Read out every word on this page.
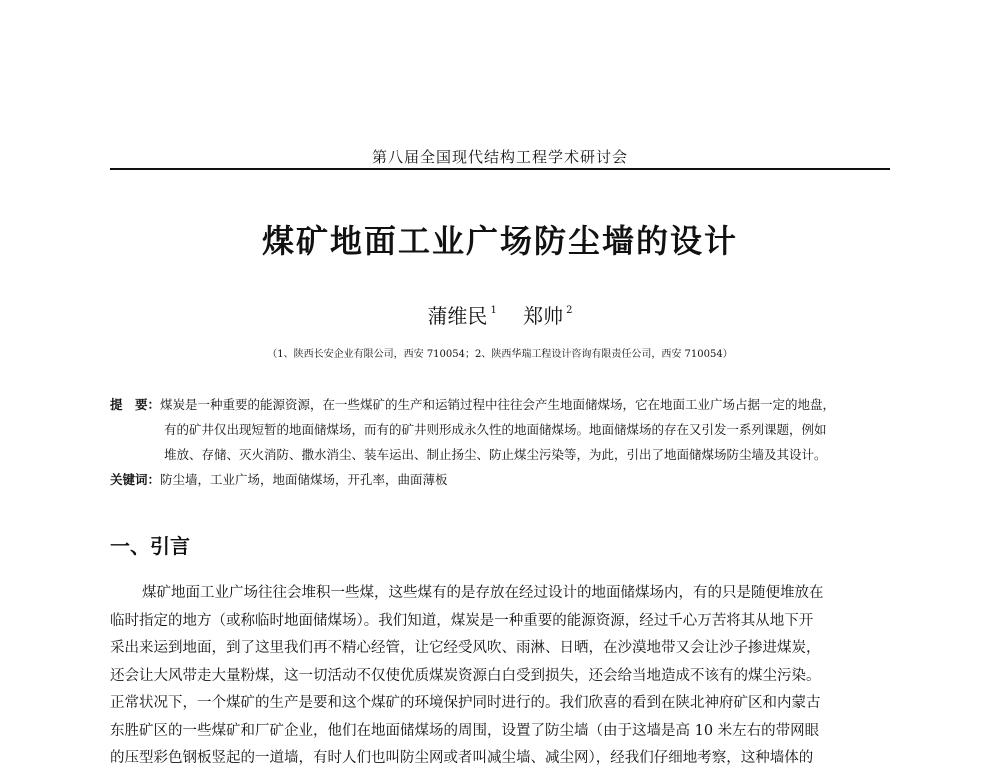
第八届全国现代结构工程学术研讨会
煤矿地面工业广场防尘墙的设计
蒲维民 $^1$ 郑帅 $^2$
（1、陕西长安企业有限公司，西安 710054；2、陕西华瑞工程设计咨询有限责任公司，西安 710054）
提　要：煤炭是一种重要的能源资源，在一些煤矿的生产和运销过程中往往会产生地面储煤场，它在地面工业广场占据一定的地盘，
有的矿井仅出现短暂的地面储煤场，而有的矿井则形成永久性的地面储煤场。地面储煤场的存在又引发一系列课题，例如
堆放、存储、灭火消防、撒水消尘、装车运出、制止扬尘、防止煤尘污染等，为此，引出了地面储煤场防尘墙及其设计。
关键词：防尘墙，工业广场，地面储煤场，开孔率，曲面薄板
一、引言
煤矿地面工业广场往往会堆积一些煤，这些煤有的是存放在经过设计的地面储煤场内，有的只是随便堆放在
临时指定的地方（或称临时地面储煤场）。我们知道，煤炭是一种重要的能源资源，经过千心万苦将其从地下开
采出来运到地面，到了这里我们再不精心经管，让它经受风吹、雨淋、日晒，在沙漠地带又会让沙子掺进煤炭，
还会让大风带走大量粉煤，这一切活动不仅使优质煤炭资源白白受到损失，还会给当地造成不该有的煤尘污染。
正常状况下，一个煤矿的生产是要和这个煤矿的环境保护同时进行的。我们欣喜的看到在陕北神府矿区和内蒙古
东胜矿区的一些煤矿和厂矿企业，他们在地面储煤场的周围，设置了防尘墙（由于这墙是高 10 米左右的带网眼
的压型彩色钢板竖起的一道墙，有时人们也叫防尘网或者叫减尘墙、减尘网），经我们仔细地考察，这种墙体的
